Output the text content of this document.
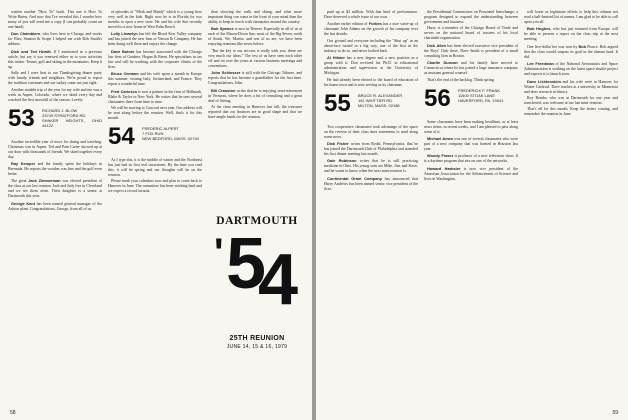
written another "How To" book. This one is How To Write Better. And now that I've revealed this I wonder how many of you will send me a copy (I can probably count on one hand).

Don Chamblers, who lives here in Chicago and works for Burr, Stanton & Scope I helped me with Bob Smith's address.

Dick and Ted Hewitt. If I mentioned in a previous article, but say it you renewed either as to your activities this winter. Tennis, golf and skiing in the mountains. Keep it up.

Sally and I were host to our Thanksgiving dinner party with family, friends and neighbors. We're proud to report the tradition continues and our turkey came out just right.

Another notable trip of the year for my wife and me was a week in Aspen, Colorado, where we skied every day and watched the first snowfall of the season. Lovely.

53 RICHARD J. BLOW
23749 STRATFORD RD.
SHAKER HEIGHTS, OHIO 44122

Another incredible year of news for skiing and traveling. Christmas was in Aspen. Ted and Pam Carter showed up at our door with thousands of friends. We skied together every day.

Ray Kemper and the family spent the holidays in Bermuda. He reports the weather was fine and the golf even better.

The great Jack Zimmerman was elected president of the class at our last reunion. Jack and Judy live in Cleveland and we see them often. Their daughter is a senior at Dartmouth this year.

George Kent has been named general manager of the Ashton plant. Congratulations, George, from all of us.

of episodes of "Mork and Mindy" which is a young hero very well in the kids. Right now he is in Florida for two months to open a new store. He and his wife Sue recently moved to a new home in West Palm Beach.

Lolly Llewelyn has left the Blood Kerr Valley company and has joined the new firm of Vinson & Company. He has been doing well there and enjoys the change.

Dave Butner has become associated with the Chicago law firm of Gardner, Hogan & Brent. He specializes in tax law and will be working with the corporate clients of the firm.

Bruce Ormann and his wife spent a month in Europe this summer, visiting Italy, Switzerland, and France. They report a wonderful time.

Fred Carlesco is now a partner in the firm of Hallmark, Blake & Taylor in New York. He writes that he sees several classmates there from time to time.

We will be moving to Concord next year. Our address will be sent along before the reunion. Well, that's it for this month.

54 FREDERIC ALPERT
7 FOX RUN
NEW BEDFORD, MASS. 02740

As I type this, it is the middle of winter and the Northeast has just had its first real snowstorm. By the time you read this, it will be spring and our thoughts will be on the reunion.

Please mark your calendars now and plan to come back to Hanover in June. The committee has been working hard and we expect a record turnout.

than showing the walk and skiing, and what more important thing can come in the front of your mind than the ability to keep in touch with classmates around the country.

Bob Spence is now in Denver. Especially in all of us at each of the Mason-Dixon line, most of the Big Seven, north of South. We, Martin, and rest of us are, we have been enjoying reunions like never before.

"But the key to our success is really with you, these are very much our ideas." The rest of us have seen each other off and on over the years at various business meetings and conventions.

John Schlosser is still with the Chicago Tribune, and reports that he has become a grandfather for the first time. Congratulations, John.

Bill Cranston writes that he is enjoying semi-retirement in Vermont, where he does a bit of consulting and a great deal of fishing.

At the class meeting in Hanover last fall, the treasurer reported that our finances are in good shape and that we have ample funds for the reunion.

DARTMOUTH
5
' 4
25TH REUNION
JUNE 14, 15 & 16, 1979
58

paid up at $2 million. With that kind of performance, Dave deserved a whole issue of our own.

Another earlier edition of Forbes has a nice write-up of classmate John Adams on the growth of his company over the last decade.

Our ground and everyone including the "Shut up" in an about-face turned in a big way, one of the first in the industry to do so, and never looked back.

Al Hilmer has a new degree and a new position as a group with it. Don received his Ph.D. in educational administration and supervision at the University of Michigan.

He had already been elected to the board of education of his home town and is now serving as its chairman.

55 BRUCE R. ALEXANDER
181 WHITTIER RD.
MILTON, MASS. 02186

Two cooperative classmates took advantage of the space on the reverse of their class dues statements to send along some news.

Dick Fisher writes from Rydal, Pennsylvania, that he has joined the Dartmouth Club of Philadelphia and attended his first dinner meeting last month.

Gale Robinson writes that he is still practicing medicine in Ohio. His young sons are Mike, Jim, and Steve, and he wants to know when the next mini-reunion is.

Continental Grain Company has announced that Harry Andrews has been named senior vice president of the firm.

the Presidential Commission on Personnel Interchange, a program designed to expand the understanding between government and business.

Harry is a member of the Chicago Board of Trade and serves on the national board of trustees of his local charitable organization.

Dick Allen has been elected executive vice president of the Boys' Club there. Dave Smith is president of a small consulting firm in Boston.

Charlie Duncan and his family have moved to Connecticut where he has joined a large insurance company as assistant general counsel.

That's the end of the backlog. Think spring.

56 FREDERICK F. FRANK
11600 STOAK LANE
HAVERFORD, PA. 19041

Some classmates have been making headlines, or at least news items, in recent weeks, and I am pleased to pass along some of it.

Michael Ames was one of several classmates who were part of a new company that was formed in Houston last year.

Woody Fraser is producer of a new television show. It is a daytime program that airs on one of the networks.

Howard Harbsler is now vice president of the American Association for the Advancement of Science and lives in Washington.

will foster as legitimate efforts to help this column not read a half-hearted list of names. I am glad to be able to call upon you all.

Bob Hughes, who has just returned from Europe, will be able to present a report on the class trip at the next meeting.

One five-dollar bet was won by Bob Pearce. Bob argued that the class would surpass its goal in the alumni fund. It did.

Lee Freedman of the National Aeronautics and Space Administration is working on the latest space shuttle project and expects it to launch soon.

Dave Lichtenstein and his wife were in Hanover for Winter Carnival. Dave teaches at a university in Minnesota and does research in history.

Roy Bombs, who was at Dartmouth for one year and transferred, was welcome at our last mini-reunion.

That's all for this month. Keep the letters coming, and remember the reunion in June.

59
